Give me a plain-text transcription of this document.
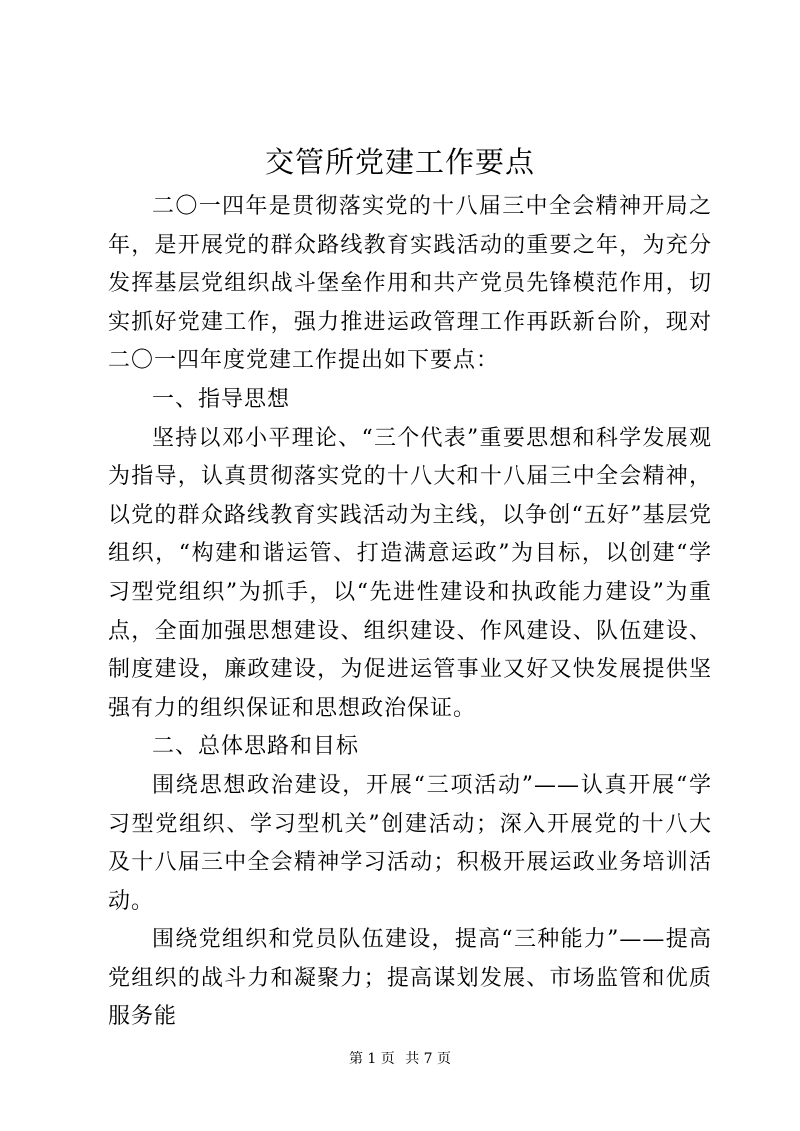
交管所党建工作要点

二〇一四年是贯彻落实党的十八届三中全会精神开局之年，是开展党的群众路线教育实践活动的重要之年，为充分发挥基层党组织战斗堡垒作用和共产党员先锋模范作用，切实抓好党建工作，强力推进运政管理工作再跃新台阶，现对二〇一四年度党建工作提出如下要点：

一、指导思想

坚持以邓小平理论、“三个代表”重要思想和科学发展观为指导，认真贯彻落实党的十八大和十八届三中全会精神，以党的群众路线教育实践活动为主线，以争创“五好”基层党组织，“构建和谐运管、打造满意运政”为目标，以创建“学习型党组织”为抓手，以“先进性建设和执政能力建设”为重点，全面加强思想建设、组织建设、作风建设、队伍建设、制度建设，廉政建设，为促进运管事业又好又快发展提供坚强有力的组织保证和思想政治保证。

二、总体思路和目标

围绕思想政治建设，开展“三项活动”——认真开展“学习型党组织、学习型机关”创建活动；深入开展党的十八大及十八届三中全会精神学习活动；积极开展运政业务培训活动。

围绕党组织和党员队伍建设，提高“三种能力”——提高党组织的战斗力和凝聚力；提高谋划发展、市场监管和优质服务能

第 1 页 共 7 页
